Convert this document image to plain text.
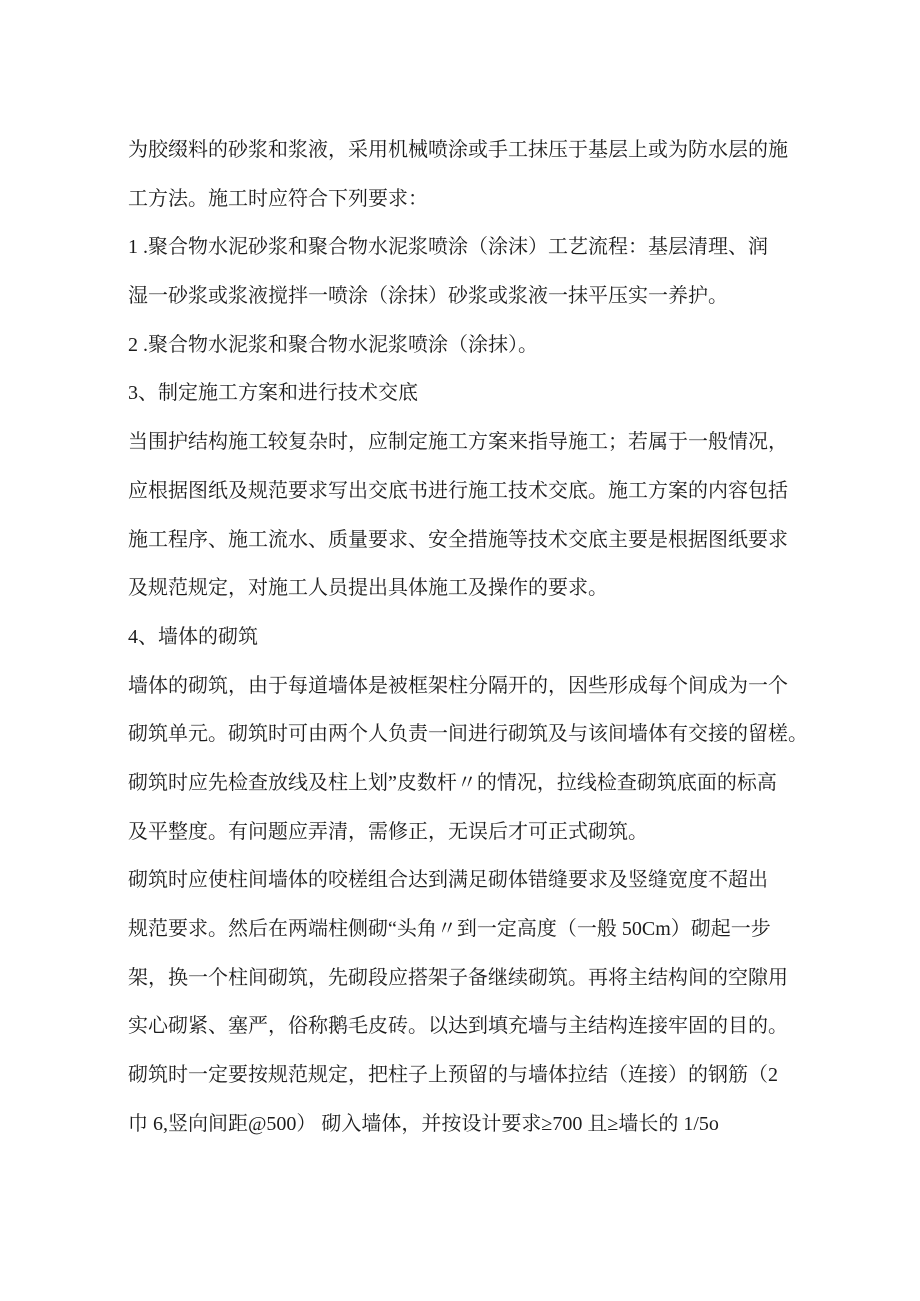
为胶缀料的砂浆和浆液，采用机械喷涂或手工抹压于基层上或为防水层的施

工方法。施工时应符合下列要求：

1 .聚合物水泥砂浆和聚合物水泥浆喷涂（涂沫）工艺流程：基层清理、润

湿一砂浆或浆液搅拌一喷涂（涂抹）砂浆或浆液一抹平压实一养护。

2 .聚合物水泥浆和聚合物水泥浆喷涂（涂抹）。

3、制定施工方案和进行技术交底

当围护结构施工较复杂时，应制定施工方案来指导施工；若属于一般情况，

应根据图纸及规范要求写出交底书进行施工技术交底。施工方案的内容包括

施工程序、施工流水、质量要求、安全措施等技术交底主要是根据图纸要求

及规范规定，对施工人员提出具体施工及操作的要求。

4、墙体的砌筑

墙体的砌筑，由于每道墙体是被框架柱分隔开的，因些形成每个间成为一个

砌筑单元。砌筑时可由两个人负责一间进行砌筑及与该间墙体有交接的留槎。

砌筑时应先检查放线及柱上划”皮数杆〃的情况，拉线检查砌筑底面的标高

及平整度。有问题应弄清，需修正，无误后才可正式砌筑。

砌筑时应使柱间墙体的咬槎组合达到满足砌体错缝要求及竖缝宽度不超出

规范要求。然后在两端柱侧砌“头角〃到一定高度（一般 50Cm）砌起一步

架，换一个柱间砌筑，先砌段应搭架子备继续砌筑。再将主结构间的空隙用

实心砌紧、塞严，俗称鹅毛皮砖。以达到填充墙与主结构连接牢固的目的。

砌筑时一定要按规范规定，把柱子上预留的与墙体拉结（连接）的钢筋（2

巾 6,竖向间距@500） 砌入墙体，并按设计要求≥700 且≥墙长的 1/5o
